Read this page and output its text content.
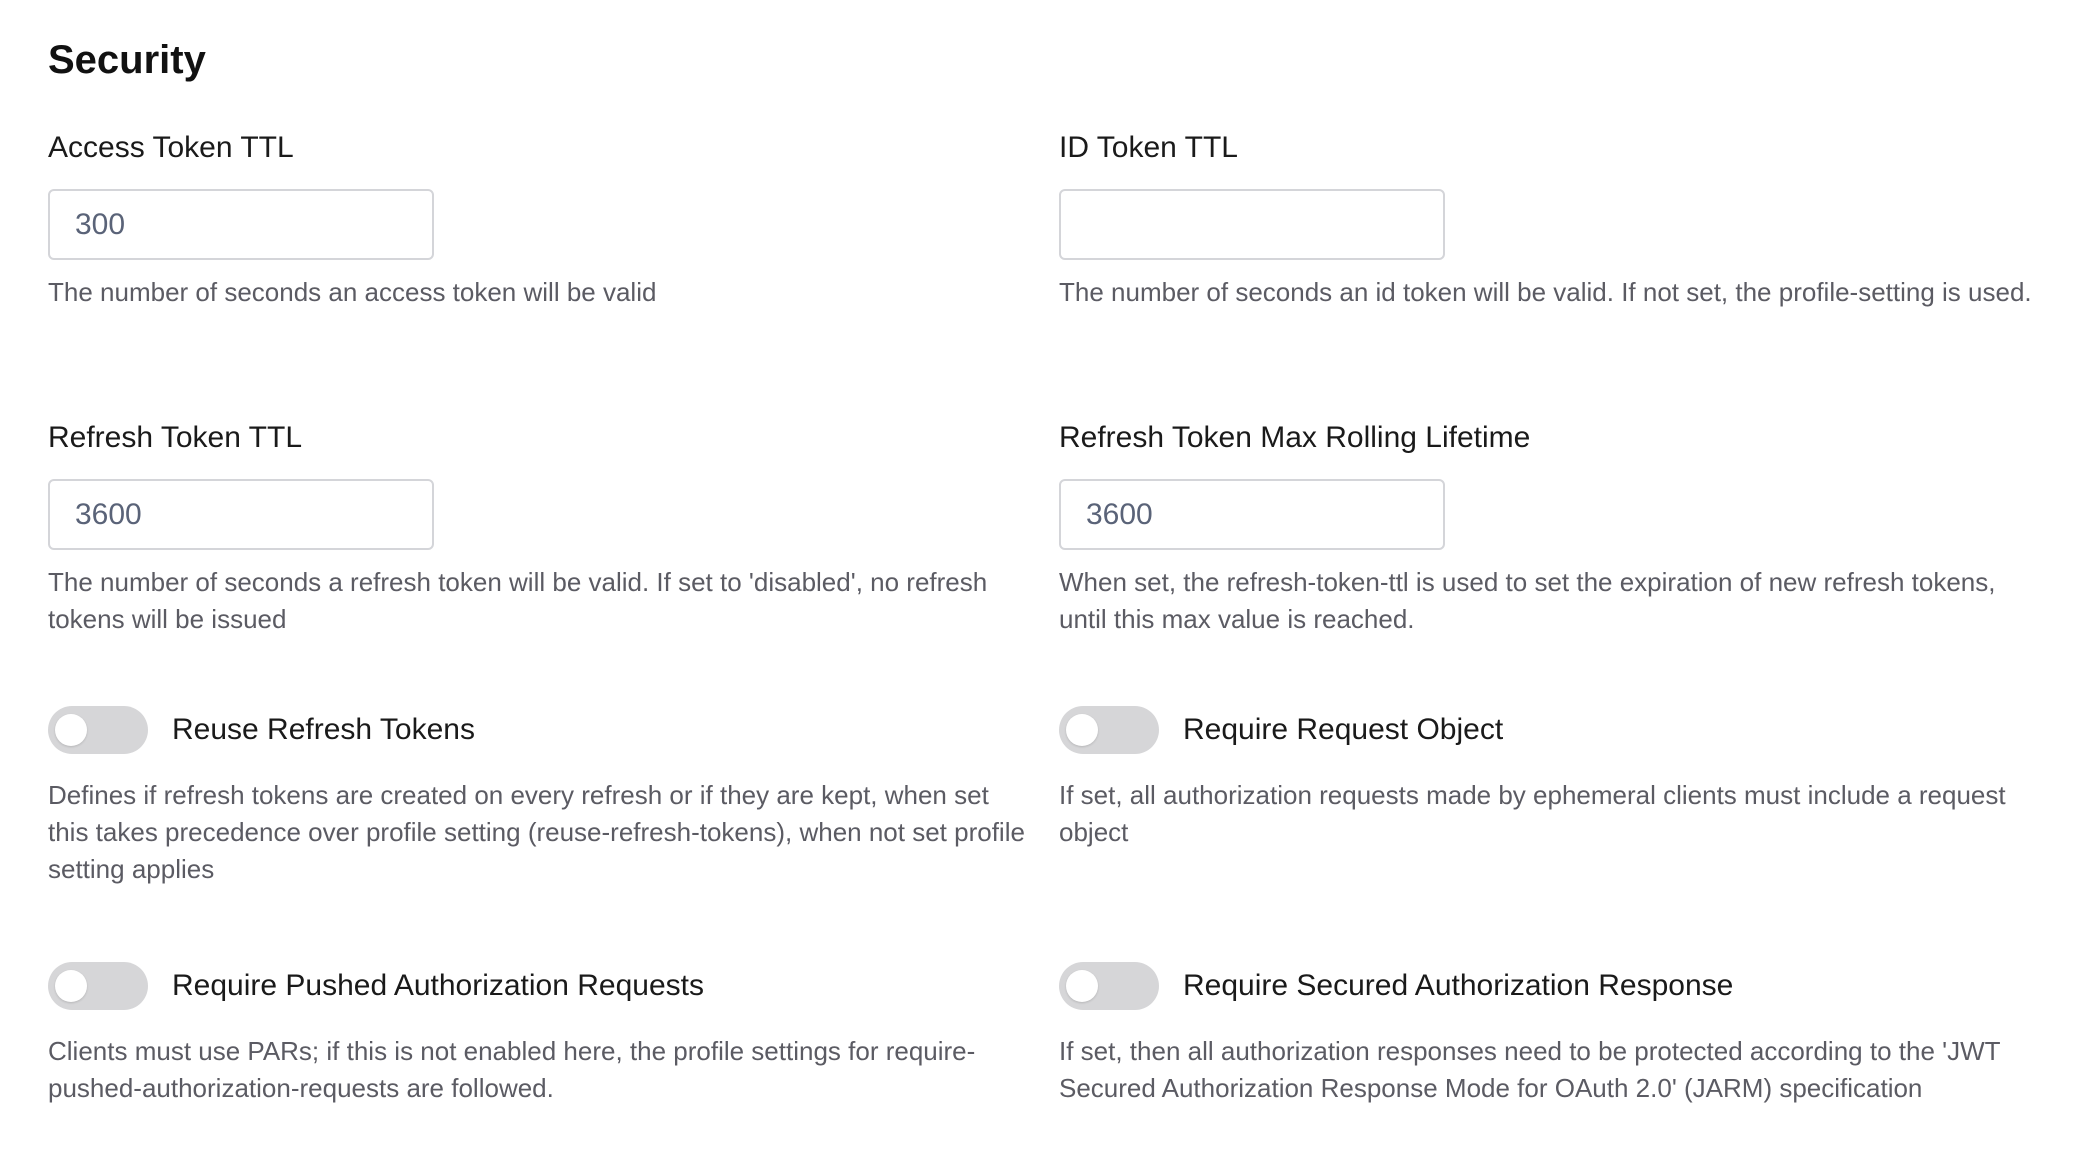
Security
Access Token TTL
300

The number of seconds an access token will be valid

ID Token TTL

The number of seconds an id token will be valid. If not set, the profile-setting is used.

Refresh Token TTL
3600

The number of seconds a refresh token will be valid. If set to 'disabled', no refresh tokens will be issued

Refresh Token Max Rolling Lifetime
3600

When set, the refresh-token-ttl is used to set the expiration of new refresh tokens, until this max value is reached.

Reuse Refresh Tokens

Defines if refresh tokens are created on every refresh or if they are kept, when set this takes precedence over profile setting (reuse-refresh-tokens), when not set profile setting applies

Require Request Object

If set, all authorization requests made by ephemeral clients must include a request object

Require Pushed Authorization Requests

Clients must use PARs; if this is not enabled here, the profile settings for require-pushed-authorization-requests are followed.

Require Secured Authorization Response

If set, then all authorization responses need to be protected according to the 'JWT Secured Authorization Response Mode for OAuth 2.0' (JARM) specification
